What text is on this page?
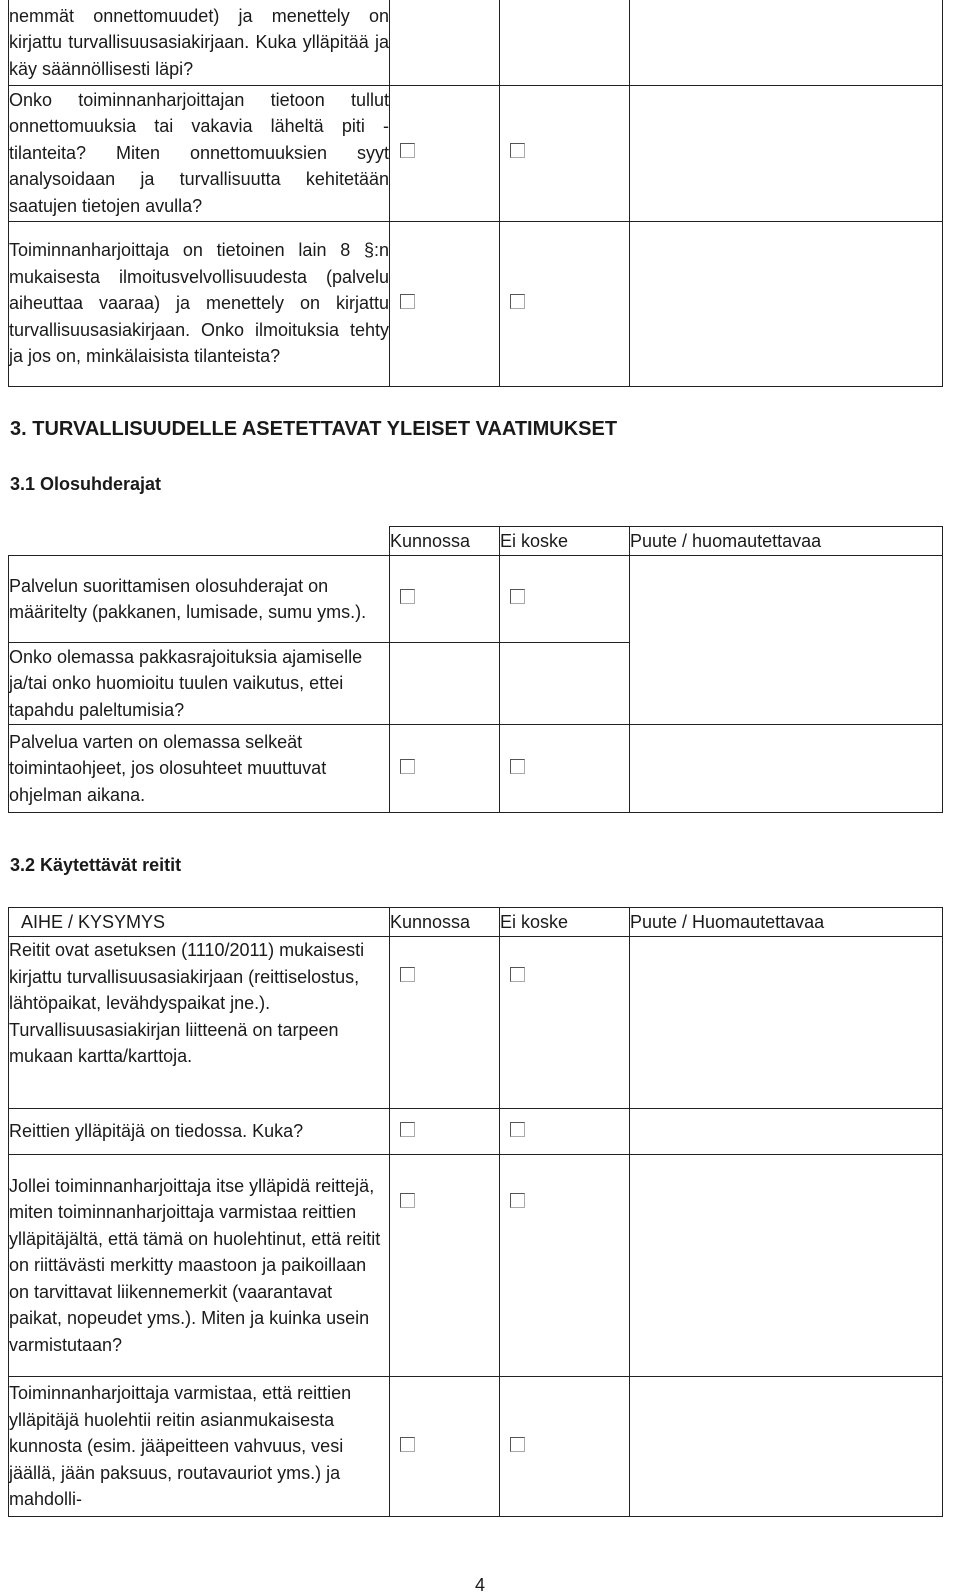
nemmät onnettomuudet) ja menettely on kirjattu turvallisuusasiakirjaan. Kuka ylläpitää ja käy säännöllisesti läpi?			
Onko toiminnanharjoittajan tietoon tullut onnettomuuksia tai vakavia läheltä piti -tilanteita? Miten onnettomuuksien syyt analysoidaan ja turvallisuutta kehitetään saatujen tietojen avulla?			
Toiminnanharjoittaja on tietoinen lain 8 §:n mukaisesta ilmoitusvelvollisuudesta (palvelu aiheuttaa vaaraa) ja menettely on kirjattu turvallisuusasiakirjaan. Onko ilmoituksia tehty ja jos on, minkälaisista tilanteista?			
3. TURVALLISUUDELLE ASETETTAVAT YLEISET VAATIMUKSET
3.1 Olosuhderajat
	Kunnossa	Ei koske	Puute / huomautettavaa
Palvelun suorittamisen olosuhderajat on määritelty (pakkanen, lumisade, sumu yms.).			
Onko olemassa pakkasrajoituksia ajamiselle ja/tai onko huomioitu tuulen vaikutus, ettei tapahdu paleltumisia?			
Palvelua varten on olemassa selkeät toimintaohjeet, jos olosuhteet muuttuvat ohjelman aikana.			
3.2 Käytettävät reitit
AIHE / KYSYMYS	Kunnossa	Ei koske	Puute / Huomautettavaa
Reitit ovat asetuksen (1110/2011) mukaisesti kirjattu turvallisuusasiakirjaan (reittiselostus, lähtöpaikat, levähdyspaikat jne.). Turvallisuusasiakirjan liitteenä on tarpeen mukaan kartta/karttoja.			
Reittien ylläpitäjä on tiedossa. Kuka?			
Jollei toiminnanharjoittaja itse ylläpidä reittejä, miten toiminnanharjoittaja varmistaa reittien ylläpitäjältä, että tämä on huolehtinut, että reitit on riittävästi merkitty maastoon ja paikoillaan on tarvittavat liikennemerkit (vaarantavat paikat, nopeudet yms.). Miten ja kuinka usein varmistutaan?			
Toiminnanharjoittaja varmistaa, että reittien ylläpitäjä huolehtii reitin asianmukaisesta kunnosta (esim. jääpeitteen vahvuus, vesi jäällä, jään paksuus, routavauriot yms.) ja mahdolli-			
4
